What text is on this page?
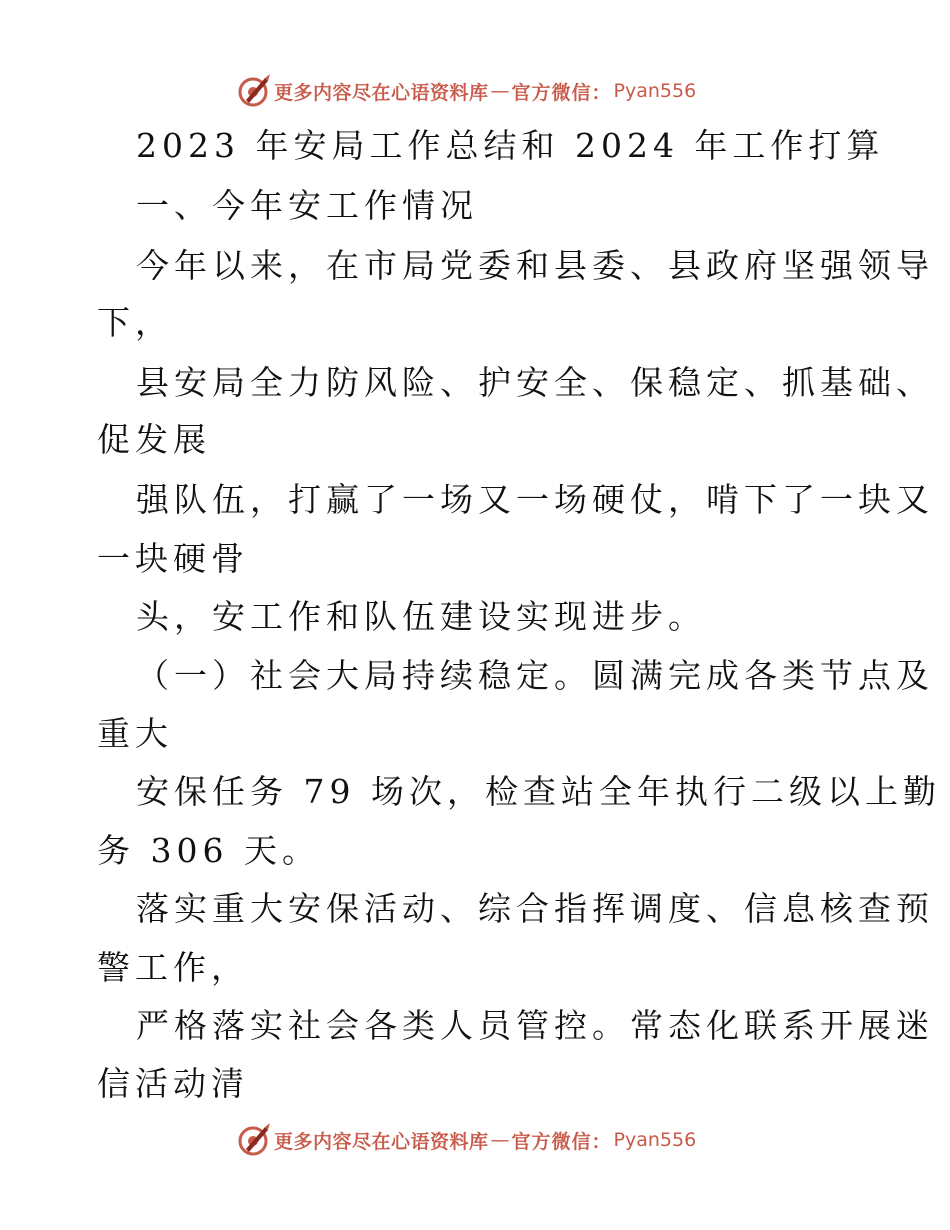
更多内容尽在心语资料库 — 官方微信： Pyan556
2023 年安局工作总结和 2024 年工作打算
一、今年安工作情况
今年以来，在市局党委和县委、县政府坚强领导
下，
县安局全力防风险、护安全、保稳定、抓基础、
促发展
强队伍，打赢了一场又一场硬仗，啃下了一块又
一块硬骨
头，安工作和队伍建设实现进步。
（一）社会大局持续稳定。圆满完成各类节点及
重大
安保任务 79 场次，检查站全年执行二级以上勤
务 306 天。
落实重大安保活动、综合指挥调度、信息核查预
警工作，
严格落实社会各类人员管控。常态化联系开展迷
信活动清
更多内容尽在心语资料库 — 官方微信： Pyan556
